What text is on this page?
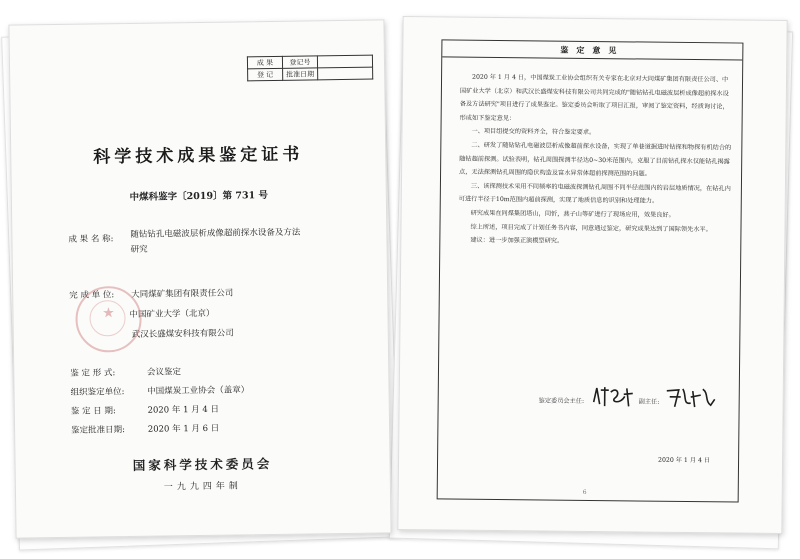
成 果	登记号	
登 记	批准日期	
科学技术成果鉴定证书
中煤科鉴字〔2019〕第 731 号
成 果 名 称:	随钻钻孔电磁波层析成像超前探水设备及方法研究
完 成 单 位: 大同煤矿集团有限责任公司
中国矿业大学（北京）
武汉长盛煤安科技有限公司
★
鉴 定 形 式:	会议鉴定
组织鉴定单位:	中国煤炭工业协会（盖章）
鉴 定 日 期:	2020 年 1 月 4 日
鉴定批准日期:	2020 年 1 月 6 日
国家科学技术委员会
一九九四年制
鉴定意见

2020 年 1 月 4 日，中国煤炭工业协会组织有关专家在北京对大同煤矿集团有限责任公司、中国矿业大学（北京）和武汉长盛煤安科技有限公司共同完成的"随钻钻孔电磁波层析成像超前探水设备及方法研究"项目进行了成果鉴定。鉴定委员会听取了项目汇报，审阅了鉴定资料，经质询讨论，形成如下鉴定意见：

一、项目组提交的资料齐全，符合鉴定要求。

二、研发了随钻钻孔电磁波层析成像超前探水设备，实现了单巷道掘进时钻探和物探有机结合的随钻超前探测。试验表明，钻孔周围探测半径达0~30米范围内，克服了目前钻孔探水仅能钻孔揭露点，无法探测钻孔周围的隐伏构造及富水异常体超前探测范围的问题。

三、该探测技术采用不同频率的电磁波探测钻孔周围不同半径范围内的岩层地质情况，在钻孔内可进行半径于10m范围内超前探测，实现了地质信息的识别和处理能力。

研究成果在同煤集团塔山，同忻，燕子山等矿进行了现场应用，效果良好。

综上所述，项目完成了计划任务书内容，同意通过鉴定，研究成果达到了国际领先水平。

建议：进一步加强正演模型研究。

鉴定委员会主任:	副主任:
2020 年 1 月 4 日
6
